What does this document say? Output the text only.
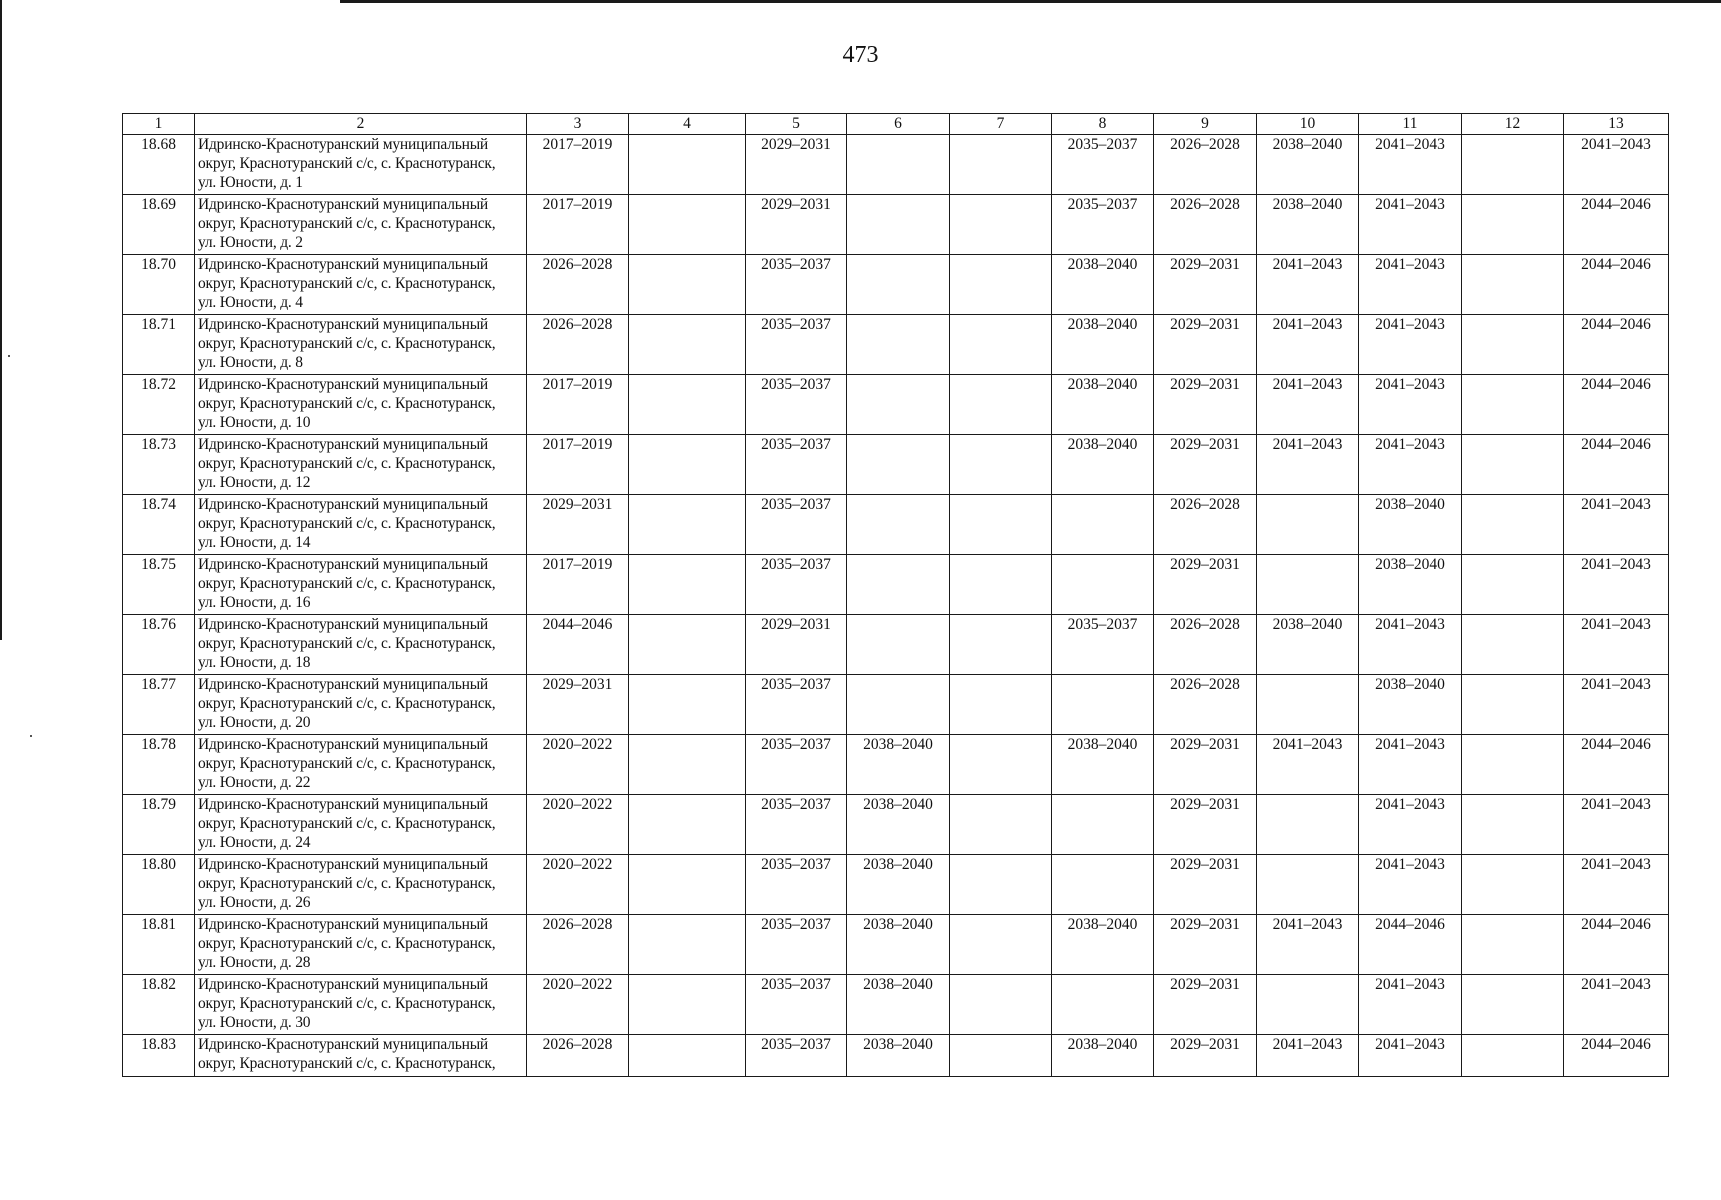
473
1	2	3	4	5	6	7	8	9	10	11	12	13
18.68	Идринско-Краснотуранский муниципальный
округ, Краснотуранский с/с, с. Краснотуранск,
ул. Юности, д. 1	2017–2019		2029–2031			2035–2037	2026–2028	2038–2040	2041–2043		2041–2043
18.69	Идринско-Краснотуранский муниципальный
округ, Краснотуранский с/с, с. Краснотуранск,
ул. Юности, д. 2	2017–2019		2029–2031			2035–2037	2026–2028	2038–2040	2041–2043		2044–2046
18.70	Идринско-Краснотуранский муниципальный
округ, Краснотуранский с/с, с. Краснотуранск,
ул. Юности, д. 4	2026–2028		2035–2037			2038–2040	2029–2031	2041–2043	2041–2043		2044–2046
18.71	Идринско-Краснотуранский муниципальный
округ, Краснотуранский с/с, с. Краснотуранск,
ул. Юности, д. 8	2026–2028		2035–2037			2038–2040	2029–2031	2041–2043	2041–2043		2044–2046
18.72	Идринско-Краснотуранский муниципальный
округ, Краснотуранский с/с, с. Краснотуранск,
ул. Юности, д. 10	2017–2019		2035–2037			2038–2040	2029–2031	2041–2043	2041–2043		2044–2046
18.73	Идринско-Краснотуранский муниципальный
округ, Краснотуранский с/с, с. Краснотуранск,
ул. Юности, д. 12	2017–2019		2035–2037			2038–2040	2029–2031	2041–2043	2041–2043		2044–2046
18.74	Идринско-Краснотуранский муниципальный
округ, Краснотуранский с/с, с. Краснотуранск,
ул. Юности, д. 14	2029–2031		2035–2037				2026–2028		2038–2040		2041–2043
18.75	Идринско-Краснотуранский муниципальный
округ, Краснотуранский с/с, с. Краснотуранск,
ул. Юности, д. 16	2017–2019		2035–2037				2029–2031		2038–2040		2041–2043
18.76	Идринско-Краснотуранский муниципальный
округ, Краснотуранский с/с, с. Краснотуранск,
ул. Юности, д. 18	2044–2046		2029–2031			2035–2037	2026–2028	2038–2040	2041–2043		2041–2043
18.77	Идринско-Краснотуранский муниципальный
округ, Краснотуранский с/с, с. Краснотуранск,
ул. Юности, д. 20	2029–2031		2035–2037				2026–2028		2038–2040		2041–2043
18.78	Идринско-Краснотуранский муниципальный
округ, Краснотуранский с/с, с. Краснотуранск,
ул. Юности, д. 22	2020–2022		2035–2037	2038–2040		2038–2040	2029–2031	2041–2043	2041–2043		2044–2046
18.79	Идринско-Краснотуранский муниципальный
округ, Краснотуранский с/с, с. Краснотуранск,
ул. Юности, д. 24	2020–2022		2035–2037	2038–2040			2029–2031		2041–2043		2041–2043
18.80	Идринско-Краснотуранский муниципальный
округ, Краснотуранский с/с, с. Краснотуранск,
ул. Юности, д. 26	2020–2022		2035–2037	2038–2040			2029–2031		2041–2043		2041–2043
18.81	Идринско-Краснотуранский муниципальный
округ, Краснотуранский с/с, с. Краснотуранск,
ул. Юности, д. 28	2026–2028		2035–2037	2038–2040		2038–2040	2029–2031	2041–2043	2044–2046		2044–2046
18.82	Идринско-Краснотуранский муниципальный
округ, Краснотуранский с/с, с. Краснотуранск,
ул. Юности, д. 30	2020–2022		2035–2037	2038–2040			2029–2031		2041–2043		2041–2043
18.83	Идринско-Краснотуранский муниципальный
округ, Краснотуранский с/с, с. Краснотуранск,	2026–2028		2035–2037	2038–2040		2038–2040	2029–2031	2041–2043	2041–2043		2044–2046
